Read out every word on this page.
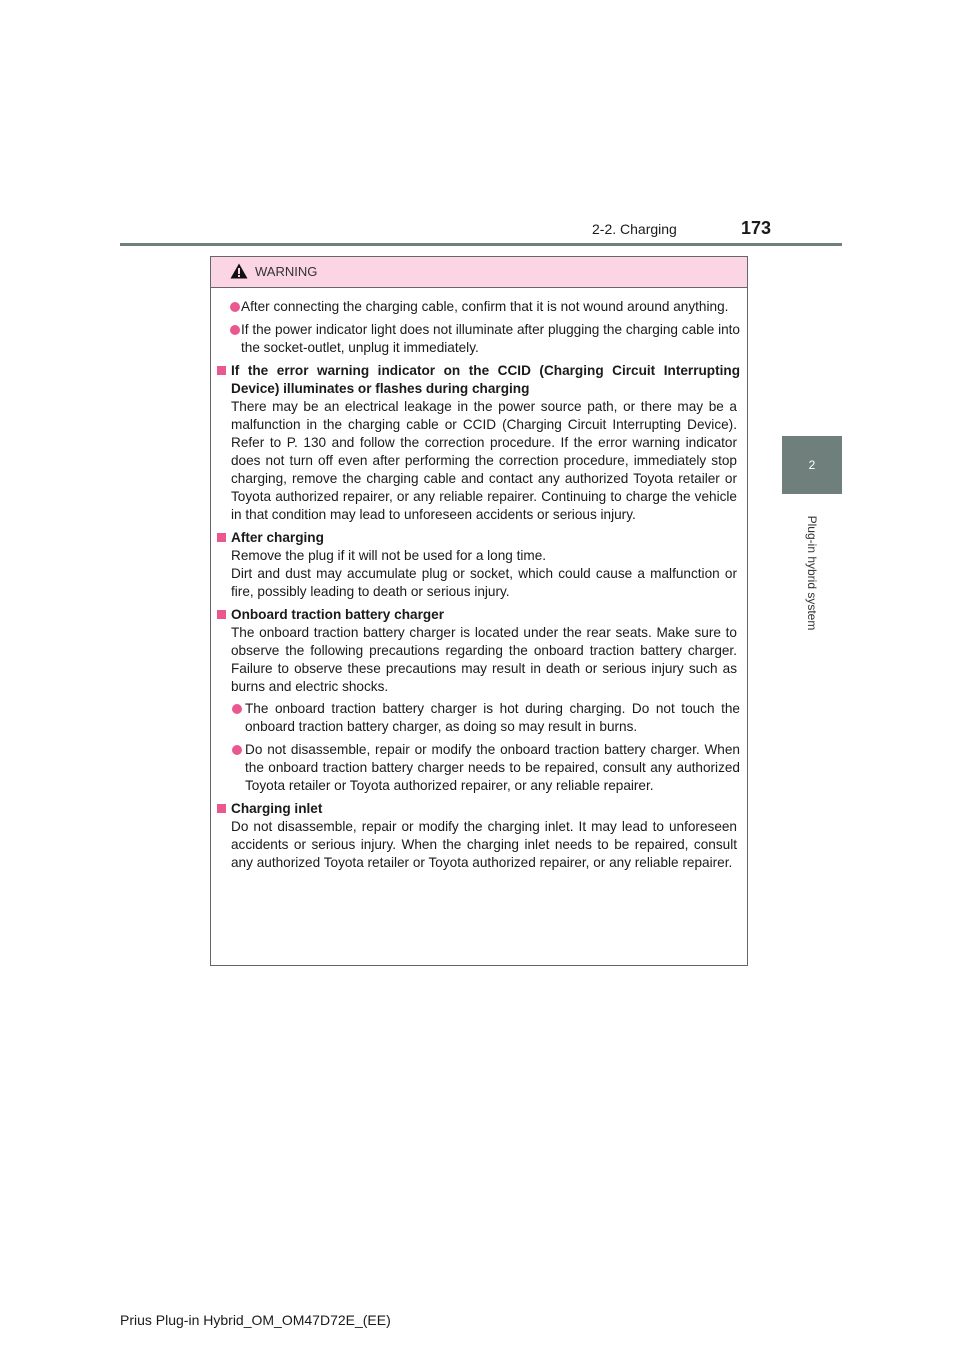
2-2. Charging	173
2
Plug-in hybrid system
WARNING
After connecting the charging cable, confirm that it is not wound around anything.
If the power indicator light does not illuminate after plugging the charging cable into the socket-outlet, unplug it immediately.
If the error warning indicator on the CCID (Charging Circuit Interrupting Device) illuminates or flashes during charging
There may be an electrical leakage in the power source path, or there may be a malfunction in the charging cable or CCID (Charging Circuit Interrupting Device). Refer to P. 130 and follow the correction procedure. If the error warning indicator does not turn off even after performing the correction procedure, immediately stop charging, remove the charging cable and contact any authorized Toyota retailer or Toyota authorized repairer, or any reliable repairer. Continuing to charge the vehicle in that condition may lead to unforeseen accidents or serious injury.
After charging
Remove the plug if it will not be used for a long time.
Dirt and dust may accumulate plug or socket, which could cause a malfunction or fire, possibly leading to death or serious injury.
Onboard traction battery charger
The onboard traction battery charger is located under the rear seats. Make sure to observe the following precautions regarding the onboard traction battery charger. Failure to observe these precautions may result in death or serious injury such as burns and electric shocks.
The onboard traction battery charger is hot during charging. Do not touch the onboard traction battery charger, as doing so may result in burns.
Do not disassemble, repair or modify the onboard traction battery charger. When the onboard traction battery charger needs to be repaired, consult any authorized Toyota retailer or Toyota authorized repairer, or any reliable repairer.
Charging inlet
Do not disassemble, repair or modify the charging inlet. It may lead to unforeseen accidents or serious injury. When the charging inlet needs to be repaired, consult any authorized Toyota retailer or Toyota authorized repairer, or any reliable repairer.
Prius Plug-in Hybrid_OM_OM47D72E_(EE)
